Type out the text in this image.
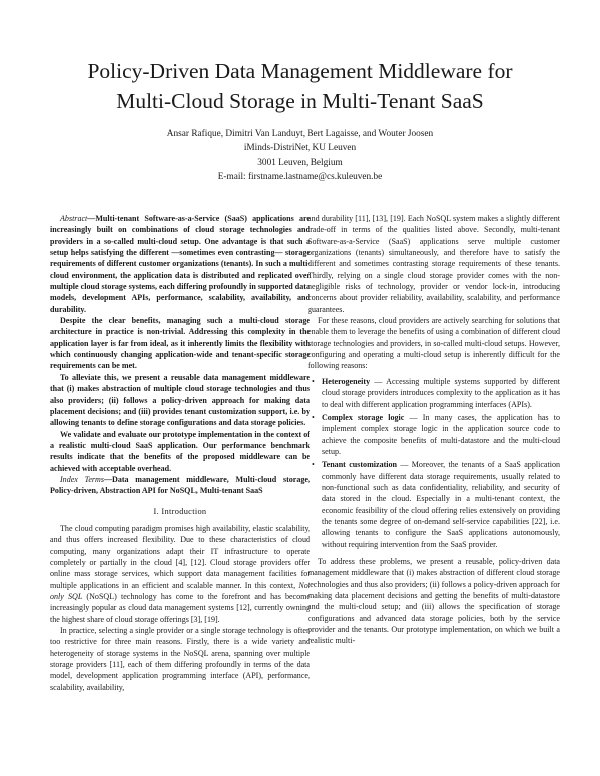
Policy-Driven Data Management Middleware for
Multi-Cloud Storage in Multi-Tenant SaaS
Ansar Rafique, Dimitri Van Landuyt, Bert Lagaisse, and Wouter Joosen
iMinds-DistriNet, KU Leuven
3001 Leuven, Belgium
E-mail: firstname.lastname@cs.kuleuven.be

Abstract—Multi-tenant Software-as-a-Service (SaaS) applications are increasingly built on combinations of cloud storage technologies and providers in a so-called multi-cloud setup. One advantage is that such a setup helps satisfying the different —sometimes even contrasting— storage requirements of different customer organizations (tenants). In such a multi-cloud environment, the application data is distributed and replicated over multiple cloud storage systems, each differing profoundly in supported data models, development APIs, performance, scalability, availability, and durability.

Despite the clear benefits, managing such a multi-cloud storage architecture in practice is non-trivial. Addressing this complexity in the application layer is far from ideal, as it inherently limits the flexibility with which continuously changing application-wide and tenant-specific storage requirements can be met.

To alleviate this, we present a reusable data management middleware that (i) makes abstraction of multiple cloud storage technologies and thus also providers; (ii) follows a policy-driven approach for making data placement decisions; and (iii) provides tenant customization support, i.e. by allowing tenants to define storage configurations and data storage policies.

We validate and evaluate our prototype implementation in the context of a realistic multi-cloud SaaS application. Our performance benchmark results indicate that the benefits of the proposed middleware can be achieved with acceptable overhead.

Index Terms—Data management middleware, Multi-cloud storage, Policy-driven, Abstraction API for NoSQL, Multi-tenant SaaS

I. Introduction

The cloud computing paradigm promises high availability, elastic scalability, and thus offers increased flexibility. Due to these characteristics of cloud computing, many organizations adapt their IT infrastructure to operate completely or partially in the cloud [4], [12]. Cloud storage providers offer online mass storage services, which support data management facilities for multiple applications in an efficient and scalable manner. In this context, Not only SQL (NoSQL) technology has come to the forefront and has become increasingly popular as cloud data management systems [12], currently owning the highest share of cloud storage offerings [3], [19].

In practice, selecting a single provider or a single storage technology is often too restrictive for three main reasons. Firstly, there is a wide variety and heterogeneity of storage systems in the NoSQL arena, spanning over multiple storage providers [11], each of them differing profoundly in terms of the data model, development application programming interface (API), performance, scalability, availability,

and durability [11], [13], [19]. Each NoSQL system makes a slightly different trade-off in terms of the qualities listed above. Secondly, multi-tenant Software-as-a-Service (SaaS) applications serve multiple customer organizations (tenants) simultaneously, and therefore have to satisfy the different and sometimes contrasting storage requirements of these tenants. Thirdly, relying on a single cloud storage provider comes with the non-negligible risks of technology, provider or vendor lock-in, introducing concerns about provider reliability, availability, scalability, and performance guarantees.

For these reasons, cloud providers are actively searching for solutions that enable them to leverage the benefits of using a combination of different cloud storage technologies and providers, in so-called multi-cloud setups. However, configuring and operating a multi-cloud setup is inherently difficult for the following reasons:

• Heterogeneity — Accessing multiple systems supported by different cloud storage providers introduces complexity to the application as it has to deal with different application programming interfaces (APIs).
• Complex storage logic — In many cases, the application has to implement complex storage logic in the application source code to achieve the composite benefits of multi-datastore and the multi-cloud setup.
• Tenant customization — Moreover, the tenants of a SaaS application commonly have different data storage requirements, usually related to non-functional such as data confidentiality, reliability, and security of data stored in the cloud. Especially in a multi-tenant context, the economic feasibility of the cloud offering relies extensively on providing the tenants some degree of on-demand self-service capabilities [22], i.e. allowing tenants to configure the SaaS applications autonomously, without requiring intervention from the SaaS provider.

To address these problems, we present a reusable, policy-driven data management middleware that (i) makes abstraction of different cloud storage technologies and thus also providers; (ii) follows a policy-driven approach for making data placement decisions and getting the benefits of multi-datastore and the multi-cloud setup; and (iii) allows the specification of storage configurations and advanced data storage policies, both by the service provider and the tenants. Our prototype implementation, on which we built a realistic multi-
